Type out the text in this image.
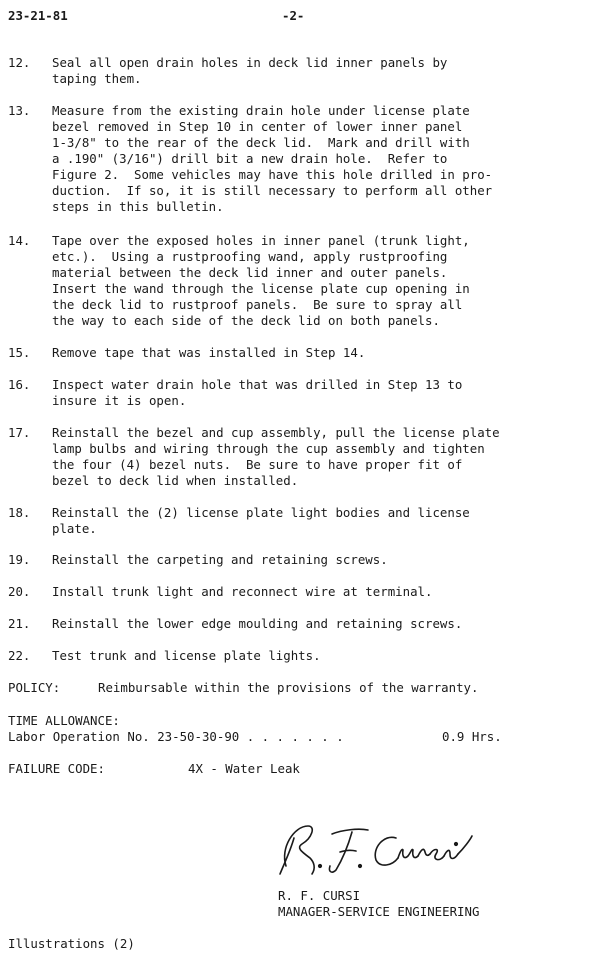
23-21-81	-2-
12. Seal all open drain holes in deck lid inner panels by
taping them.
13. Measure from the existing drain hole under license plate
bezel removed in Step 10 in center of lower inner panel
1-3/8" to the rear of the deck lid.  Mark and drill with
a .190" (3/16") drill bit a new drain hole.  Refer to
Figure 2.  Some vehicles may have this hole drilled in pro-
duction.  If so, it is still necessary to perform all other
steps in this bulletin.
14. Tape over the exposed holes in inner panel (trunk light,
etc.).  Using a rustproofing wand, apply rustproofing
material between the deck lid inner and outer panels.
Insert the wand through the license plate cup opening in
the deck lid to rustproof panels.  Be sure to spray all
the way to each side of the deck lid on both panels.
15. Remove tape that was installed in Step 14.
16. Inspect water drain hole that was drilled in Step 13 to
insure it is open.
17. Reinstall the bezel and cup assembly, pull the license plate
lamp bulbs and wiring through the cup assembly and tighten
the four (4) bezel nuts.  Be sure to have proper fit of
bezel to deck lid when installed.
18. Reinstall the (2) license plate light bodies and license
plate.
19. Reinstall the carpeting and retaining screws.
20. Install trunk light and reconnect wire at terminal.
21. Reinstall the lower edge moulding and retaining screws.
22. Test trunk and license plate lights.
POLICY:	Reimbursable within the provisions of the warranty.
TIME ALLOWANCE:
Labor Operation No. 23-50-30-90 . . . . . . .	0.9 Hrs.
FAILURE CODE:	4X - Water Leak
R. F. CURSI
MANAGER-SERVICE ENGINEERING
Illustrations (2)
